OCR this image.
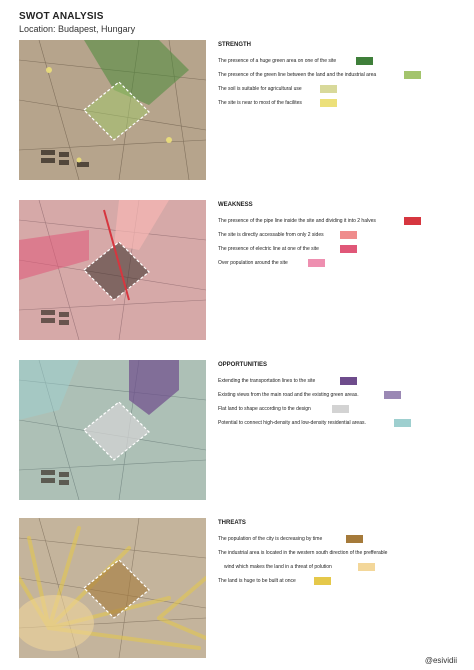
SWOT ANALYSIS
Location: Budapest, Hungary
STRENGTH
The presence of a huge green area on one of the site
The presence of the green line between the land and the industrial area
The soil is suitable for agricultural use
The site is near to most of the facilites
WEAKNESS
The presence of the pipe line inside the site and dividing it into 2 halves
The site is directly accessable from only 2 sides
The presence of electric line at one of the site
Over population around the site
OPPORTUNITIES
Extending the transportation lines to the site
Existing views from the main road and the existing green areas.
Flat land to shape according to the design
Potential to connect high-density and low-density residential areas.
THREATS
The population of the city is decreasing by time
The industrial area is located in the western south direction of the prefferable
wind which makes the land in a threat of polution
The land is huge to be built at once
@esividii
